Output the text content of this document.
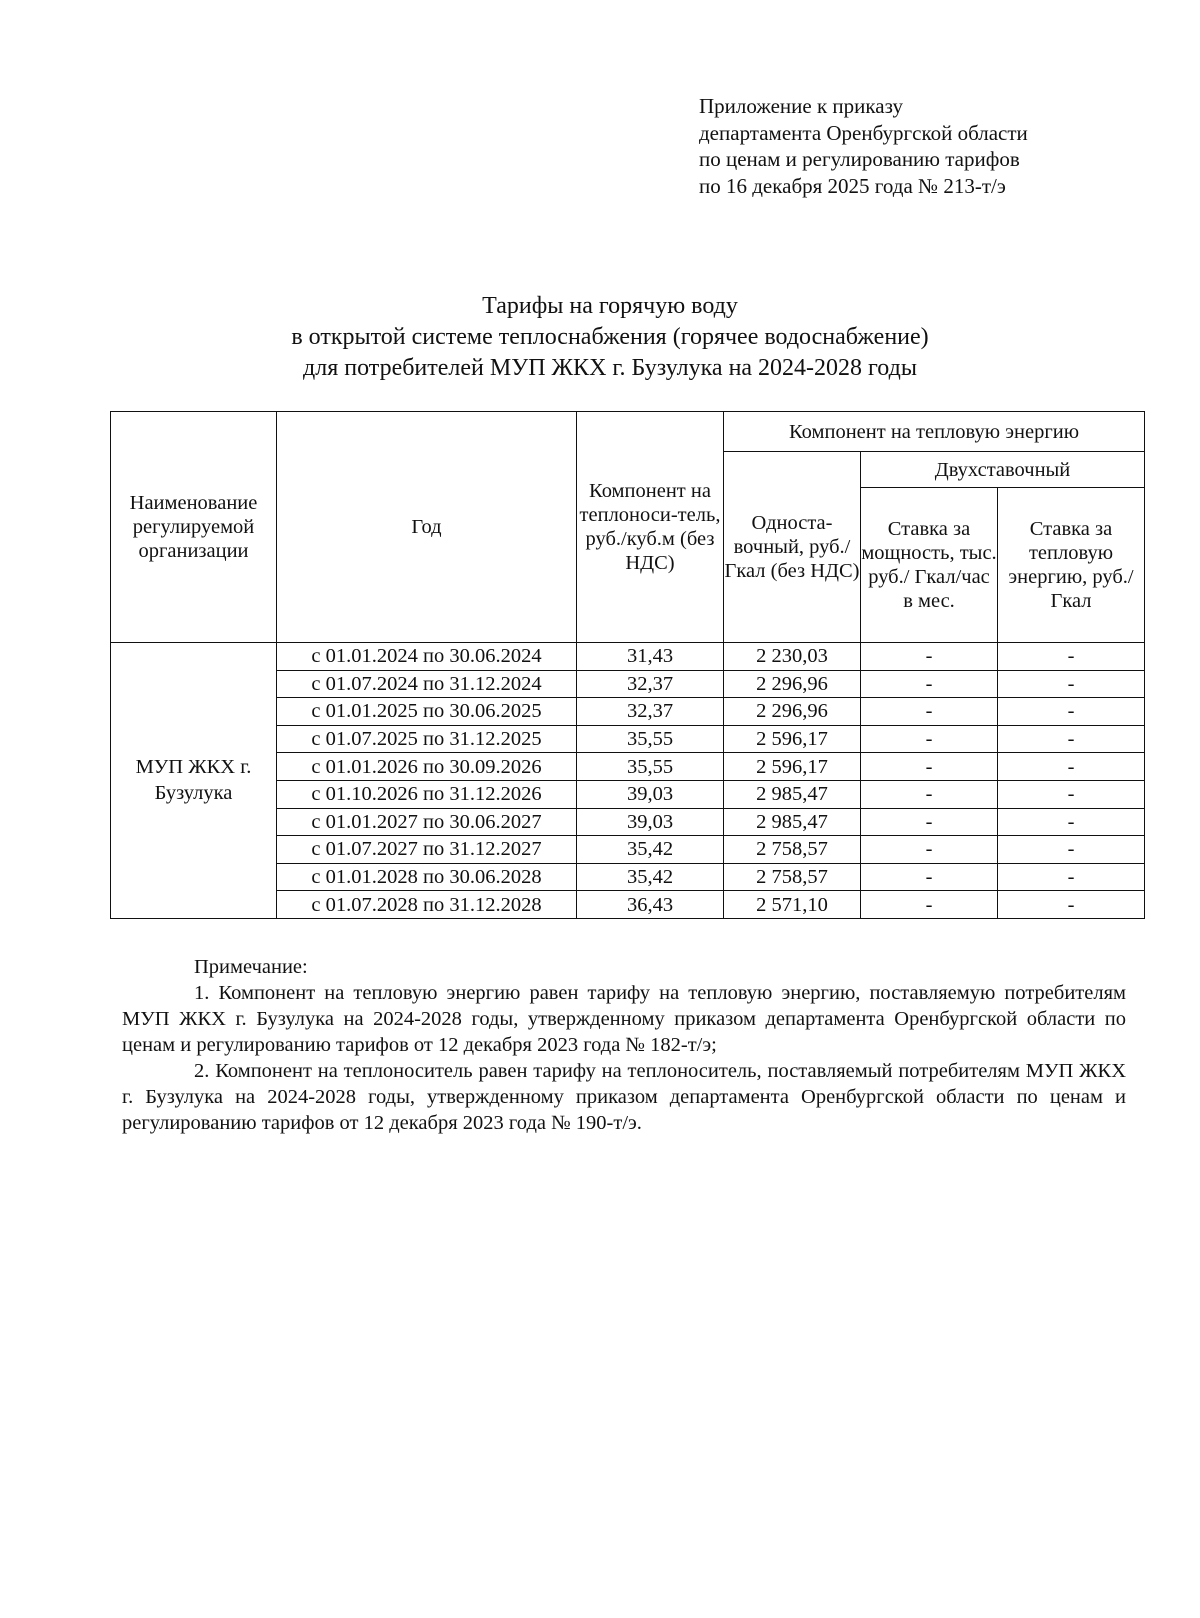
Приложение к приказу
департамента Оренбургской области
по ценам и регулированию тарифов
по 16 декабря 2025 года № 213-т/э
Тарифы на горячую воду
в открытой системе теплоснабжения (горячее водоснабжение)
для потребителей МУП ЖКХ г. Бузулука на 2024-2028 годы
Наименование регулируемой организации	Год	Компонент на теплоноси-тель, руб./куб.м (без НДС)	Компонент на тепловую энергию		
			Односта-вочный, руб./Гкал (без НДС)	Двухставочный	
				Ставка за мощность, тыс. руб./ Гкал/час в мес.	Ставка за тепловую энергию, руб./Гкал
МУП ЖКХ г. Бузулука	с 01.01.2024 по 30.06.2024	31,43	2 230,03	-	-
	с 01.07.2024 по 31.12.2024	32,37	2 296,96	-	-
	с 01.01.2025 по 30.06.2025	32,37	2 296,96	-	-
	с 01.07.2025 по 31.12.2025	35,55	2 596,17	-	-
	с 01.01.2026 по 30.09.2026	35,55	2 596,17	-	-
	с 01.10.2026 по 31.12.2026	39,03	2 985,47	-	-
	с 01.01.2027 по 30.06.2027	39,03	2 985,47	-	-
	с 01.07.2027 по 31.12.2027	35,42	2 758,57	-	-
	с 01.01.2028 по 30.06.2028	35,42	2 758,57	-	-
	с 01.07.2028 по 31.12.2028	36,43	2 571,10	-	-

Примечание:

1. Компонент на тепловую энергию равен тарифу на тепловую энергию, поставляемую потребителям МУП ЖКХ г. Бузулука на 2024-2028 годы, утвержденному приказом департамента Оренбургской области по ценам и регулированию тарифов от 12 декабря 2023 года № 182-т/э;

2. Компонент на теплоноситель равен тарифу на теплоноситель, поставляемый потребителям МУП ЖКХ г. Бузулука на 2024-2028 годы, утвержденному приказом департамента Оренбургской области по ценам и регулированию тарифов от 12 декабря 2023 года № 190-т/э.
